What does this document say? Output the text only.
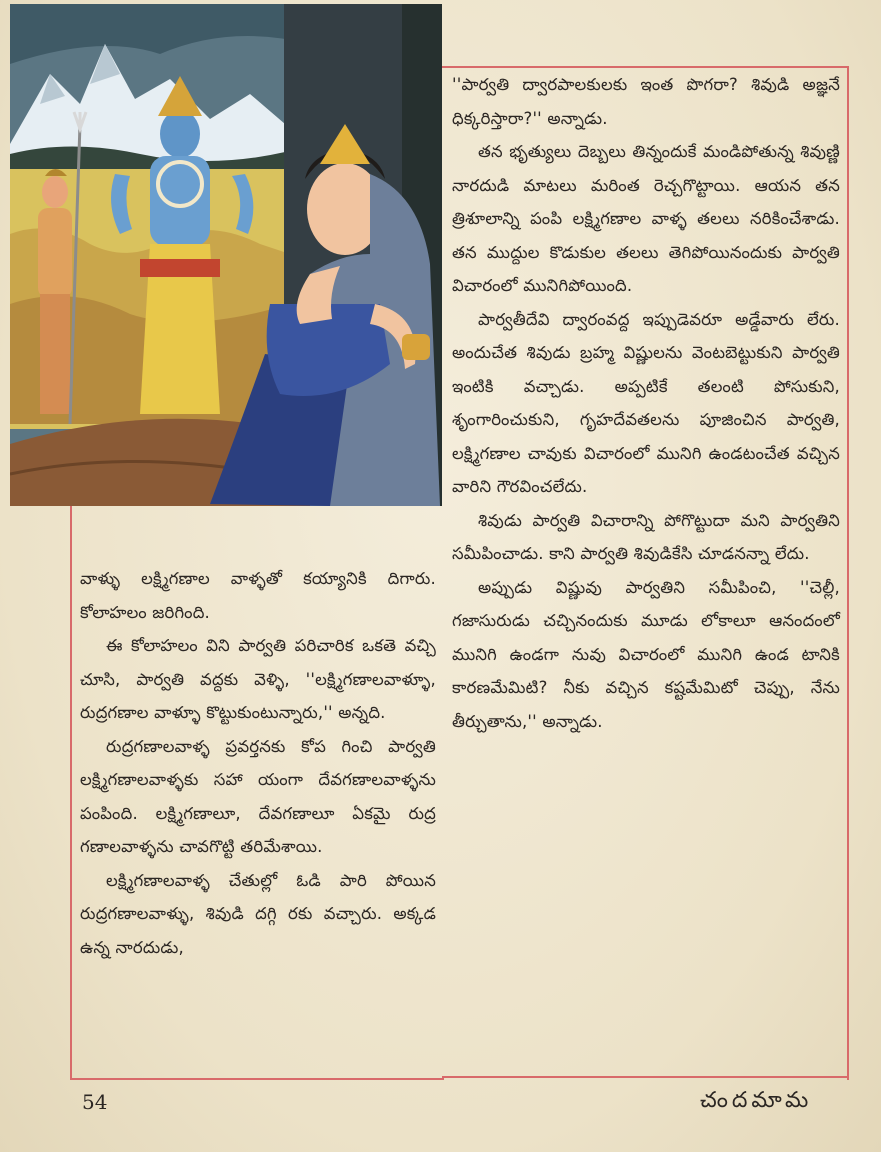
''పార్వతి ద్వారపాలకులకు ఇంత పొగరా? శివుడి అజ్ఞనే ధిక్కరిస్తారా?'' అన్నాడు.

తన భృత్యులు దెబ్బలు తిన్నందుకే మండిపోతున్న శివుణ్ణి నారదుడి మాటలు మరింత రెచ్చగొట్టాయి. ఆయన తన త్రిశూలాన్ని పంపి లక్ష్మిగణాల వాళ్ళ తలలు నరికించేశాడు. తన ముద్దుల కొడుకుల తలలు తెగిపోయినందుకు పార్వతి విచారంలో మునిగిపోయింది.

పార్వతీదేవి ద్వారంవద్ద ఇప్పుడెవరూ అడ్డేవారు లేరు. అందుచేత శివుడు బ్రహ్మ విష్ణులను వెంటబెట్టుకుని పార్వతి ఇంటికి వచ్చాడు. అప్పటికే తలంటి పోసుకుని, శృంగారించుకుని, గృహదేవతలను పూజించిన పార్వతి, లక్ష్మిగణాల చావుకు విచారంలో మునిగి ఉండటంచేత వచ్చిన వారిని గౌరవించలేదు.

శివుడు పార్వతి విచారాన్ని పోగొట్టుదా మని పార్వతిని సమీపించాడు. కాని పార్వతి శివుడికేసి చూడనన్నా లేదు.

అప్పుడు విష్ణువు పార్వతిని సమీపించి, ''చెల్లీ, గజాసురుడు చచ్చినందుకు మూడు లోకాలూ ఆనందంలో మునిగి ఉండగా నువు విచారంలో మునిగి ఉండ టానికి కారణమేమిటి? నీకు వచ్చిన కష్టమేమిటో చెప్పు, నేను తీర్చుతాను,'' అన్నాడు.

వాళ్ళు లక్ష్మిగణాల వాళ్ళతో కయ్యానికి దిగారు. కోలాహలం జరిగింది.

ఈ కోలాహలం విని పార్వతి పరిచారిక ఒకతె వచ్చి చూసి, పార్వతి వద్దకు వెళ్ళి, ''లక్ష్మిగణాలవాళ్ళూ, రుద్రగణాల వాళ్ళూ కొట్టుకుంటున్నారు,'' అన్నది.

రుద్రగణాలవాళ్ళ ప్రవర్తనకు కోప గించి పార్వతి లక్ష్మిగణాలవాళ్ళకు సహా యంగా దేవగణాలవాళ్ళను పంపింది. లక్ష్మిగణాలూ, దేవగణాలూ ఏకమై రుద్ర గణాలవాళ్ళను చావగొట్టి తరిమేశాయి.

లక్ష్మిగణాలవాళ్ళ చేతుల్లో ఓడి పారి పోయిన రుద్రగణాలవాళ్ళు, శివుడి దగ్గి రకు వచ్చారు. అక్కడ ఉన్న నారదుడు,

54	చందమామ
